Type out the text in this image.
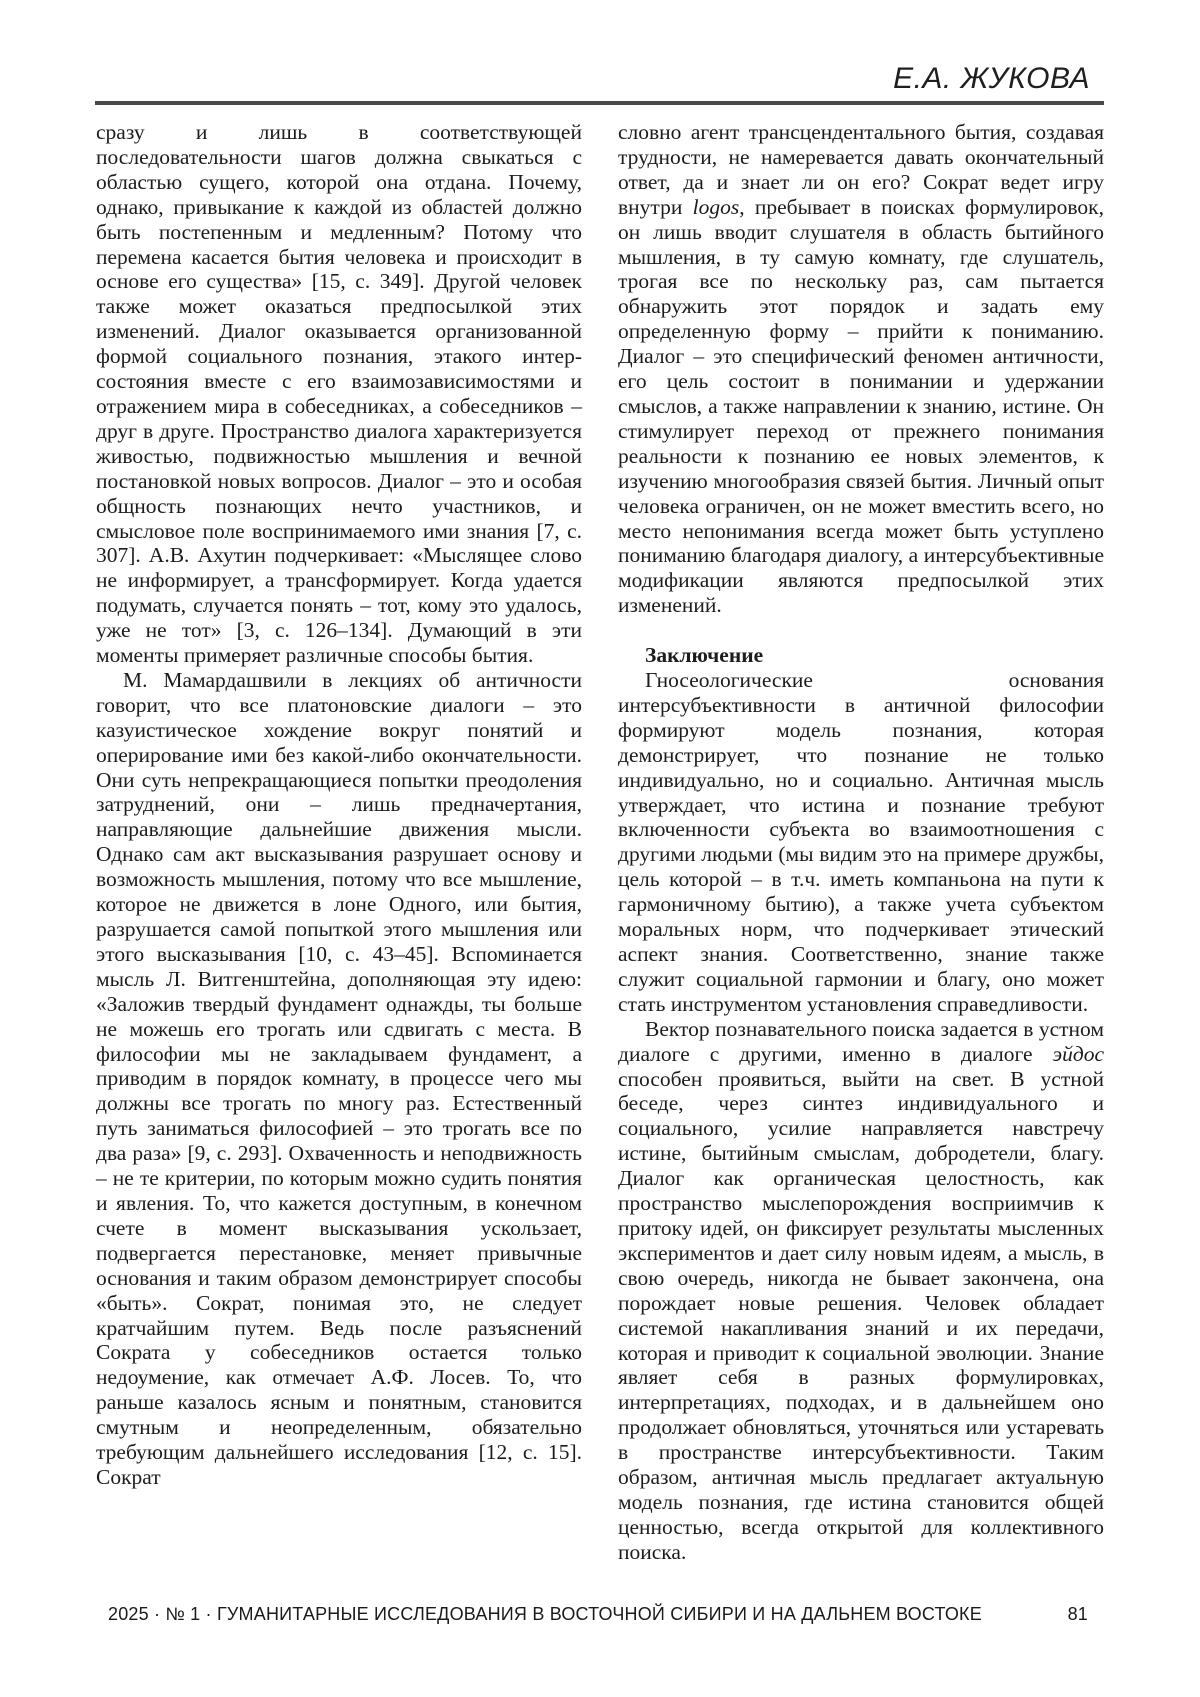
Е.А. ЖУКОВА

сразу и лишь в соответствующей последовательности шагов должна свыкаться с областью сущего, которой она отдана. Почему, однако, привыкание к каждой из областей должно быть постепенным и медленным? Потому что перемена касается бытия человека и происходит в основе его существа» [15, с. 349]. Другой человек также может оказаться предпосылкой этих изменений. Диалог оказывается организованной формой социального познания, этакого интер-состояния вместе с его взаимозависимостями и отражением мира в собеседниках, а собеседников – друг в друге. Пространство диалога характеризуется живостью, подвижностью мышления и вечной постановкой новых вопросов. Диалог – это и особая общность познающих нечто участников, и смысловое поле воспринимаемого ими знания [7, с. 307]. А.В. Ахутин подчеркивает: «Мыслящее слово не информирует, а трансформирует. Когда удается подумать, случается понять – тот, кому это удалось, уже не тот» [3, с. 126–134]. Думающий в эти моменты примеряет различные способы бытия.

М. Мамардашвили в лекциях об античности говорит, что все платоновские диалоги – это казуистическое хождение вокруг понятий и оперирование ими без какой-либо окончательности. Они суть непрекращающиеся попытки преодоления затруднений, они – лишь предначертания, направляющие дальнейшие движения мысли. Однако сам акт высказывания разрушает основу и возможность мышления, потому что все мышление, которое не движется в лоне Одного, или бытия, разрушается самой попыткой этого мышления или этого высказывания [10, с. 43–45]. Вспоминается мысль Л. Витгенштейна, дополняющая эту идею: «Заложив твердый фундамент однажды, ты больше не можешь его трогать или сдвигать с места. В философии мы не закладываем фундамент, а приводим в порядок комнату, в процессе чего мы должны все трогать по многу раз. Естественный путь заниматься философией – это трогать все по два раза» [9, с. 293]. Охваченность и неподвижность – не те критерии, по которым можно судить понятия и явления. То, что кажется доступным, в конечном счете в момент высказывания ускользает, подвергается перестановке, меняет привычные основания и таким образом демонстрирует способы «быть». Сократ, понимая это, не следует кратчайшим путем. Ведь после разъяснений Сократа у собеседников остается только недоумение, как отмечает А.Ф. Лосев. То, что раньше казалось ясным и понятным, становится смутным и неопределенным, обязательно требующим дальнейшего исследования [12, с. 15]. Сократ

словно агент трансцендентального бытия, создавая трудности, не намеревается давать окончательный ответ, да и знает ли он его? Сократ ведет игру внутри logos, пребывает в поисках формулировок, он лишь вводит слушателя в область бытийного мышления, в ту самую комнату, где слушатель, трогая все по нескольку раз, сам пытается обнаружить этот порядок и задать ему определенную форму – прийти к пониманию. Диалог – это специфический феномен античности, его цель состоит в понимании и удержании смыслов, а также направлении к знанию, истине. Он стимулирует переход от прежнего понимания реальности к познанию ее новых элементов, к изучению многообразия связей бытия. Личный опыт человека ограничен, он не может вместить всего, но место непонимания всегда может быть уступлено пониманию благодаря диалогу, а интерсубъективные модификации являются предпосылкой этих изменений.

Заключение

Гносеологические основания интерсубъективности в античной философии формируют модель познания, которая демонстрирует, что познание не только индивидуально, но и социально. Античная мысль утверждает, что истина и познание требуют включенности субъекта во взаимоотношения с другими людьми (мы видим это на примере дружбы, цель которой – в т.ч. иметь компаньона на пути к гармоничному бытию), а также учета субъектом моральных норм, что подчеркивает этический аспект знания. Соответственно, знание также служит социальной гармонии и благу, оно может стать инструментом установления справедливости.

Вектор познавательного поиска задается в устном диалоге с другими, именно в диалоге эйдос способен проявиться, выйти на свет. В устной беседе, через синтез индивидуального и социального, усилие направляется навстречу истине, бытийным смыслам, добродетели, благу. Диалог как органическая целостность, как пространство мыслепорождения восприимчив к притоку идей, он фиксирует результаты мысленных экспериментов и дает силу новым идеям, а мысль, в свою очередь, никогда не бывает закончена, она порождает новые решения. Человек обладает системой накапливания знаний и их передачи, которая и приводит к социальной эволюции. Знание являет себя в разных формулировках, интерпретациях, подходах, и в дальнейшем оно продолжает обновляться, уточняться или устаревать в пространстве интерсубъективности. Таким образом, античная мысль предлагает актуальную модель познания, где истина становится общей ценностью, всегда открытой для коллективного поиска.

2025 · № 1 · ГУМАНИТАРНЫЕ ИССЛЕДОВАНИЯ В ВОСТОЧНОЙ СИБИРИ И НА ДАЛЬНЕМ ВОСТОКЕ	81
